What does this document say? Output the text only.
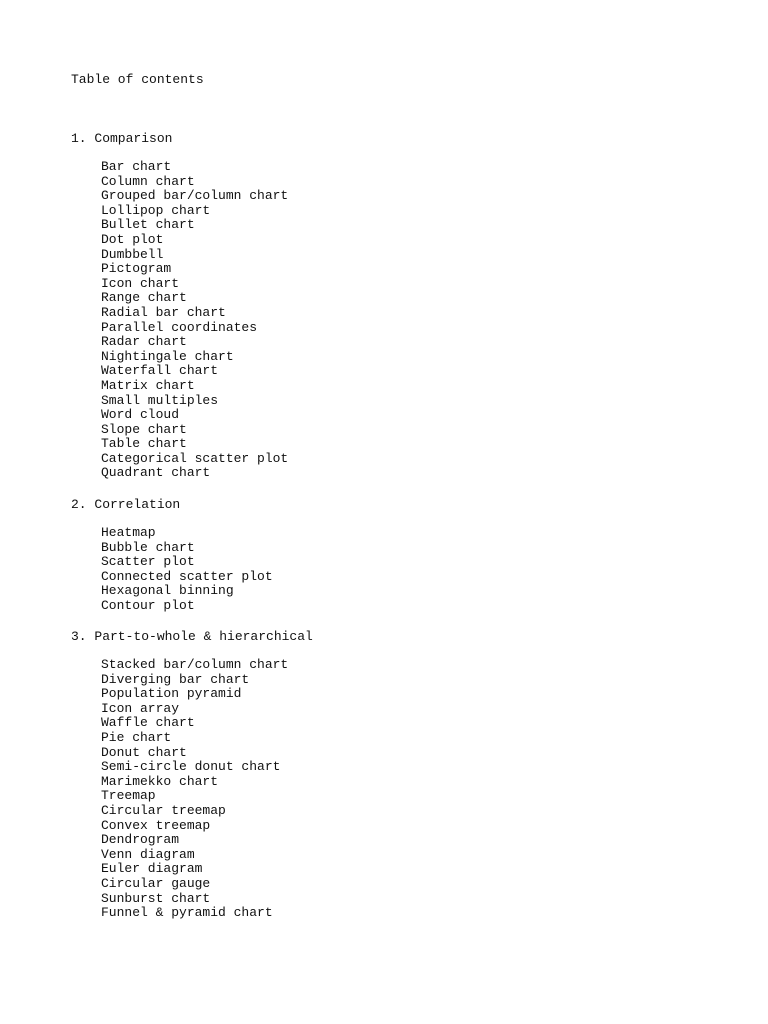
Table of contents
1. Comparison
Bar chart
Column chart
Grouped bar/column chart
Lollipop chart
Bullet chart
Dot plot
Dumbbell
Pictogram
Icon chart
Range chart
Radial bar chart
Parallel coordinates
Radar chart
Nightingale chart
Waterfall chart
Matrix chart
Small multiples
Word cloud
Slope chart
Table chart
Categorical scatter plot
Quadrant chart
2. Correlation
Heatmap
Bubble chart
Scatter plot
Connected scatter plot
Hexagonal binning
Contour plot
3. Part-to-whole & hierarchical
Stacked bar/column chart
Diverging bar chart
Population pyramid
Icon array
Waffle chart
Pie chart
Donut chart
Semi-circle donut chart
Marimekko chart
Treemap
Circular treemap
Convex treemap
Dendrogram
Venn diagram
Euler diagram
Circular gauge
Sunburst chart
Funnel & pyramid chart
